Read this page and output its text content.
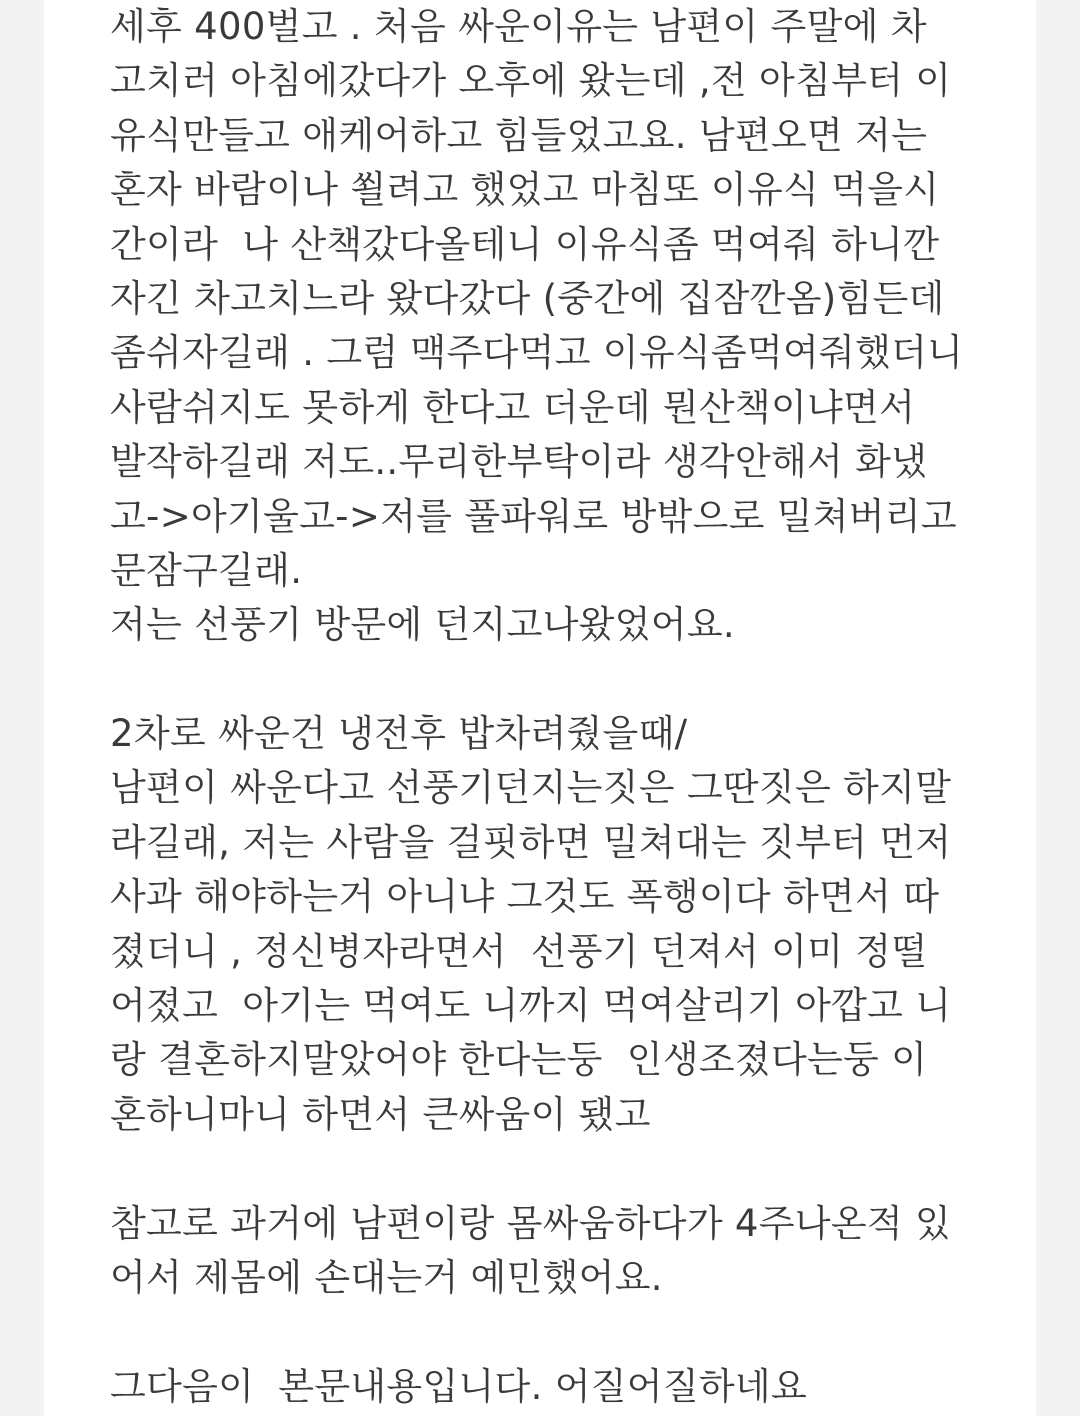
세후 400벌고 . 처음 싸운이유는 남편이 주말에 차
고치러 아침에갔다가 오후에 왔는데 ,전 아침부터 이
유식만들고 애케어하고 힘들었고요. 남편오면 저는
혼자 바람이나 쐴려고 했었고 마침또 이유식 먹을시
간이라  나 산책갔다올테니 이유식좀 먹여줘 하니깐
자긴 차고치느라 왔다갔다 (중간에 집잠깐옴)힘든데
좀쉬자길래 . 그럼 맥주다먹고 이유식좀먹여줘했더니
사람쉬지도 못하게 한다고 더운데 뭔산책이냐면서
발작하길래 저도..무리한부탁이라 생각안해서 화냈
고->아기울고->저를 풀파워로 방밖으로 밀쳐버리고
문잠구길래.
저는 선풍기 방문에 던지고나왔었어요.
2차로 싸운건 냉전후 밥차려줬을때/
남편이 싸운다고 선풍기던지는짓은 그딴짓은 하지말
라길래, 저는 사람을 걸핏하면 밀쳐대는 짓부터 먼저
사과 해야하는거 아니냐 그것도 폭행이다 하면서 따
졌더니 , 정신병자라면서  선풍기 던져서 이미 정떨
어졌고  아기는 먹여도 니까지 먹여살리기 아깝고 니
랑 결혼하지말았어야 한다는둥  인생조졌다는둥 이
혼하니마니 하면서 큰싸움이 됐고
참고로 과거에 남편이랑 몸싸움하다가 4주나온적 있
어서 제몸에 손대는거 예민했어요.
그다음이  본문내용입니다. 어질어질하네요
